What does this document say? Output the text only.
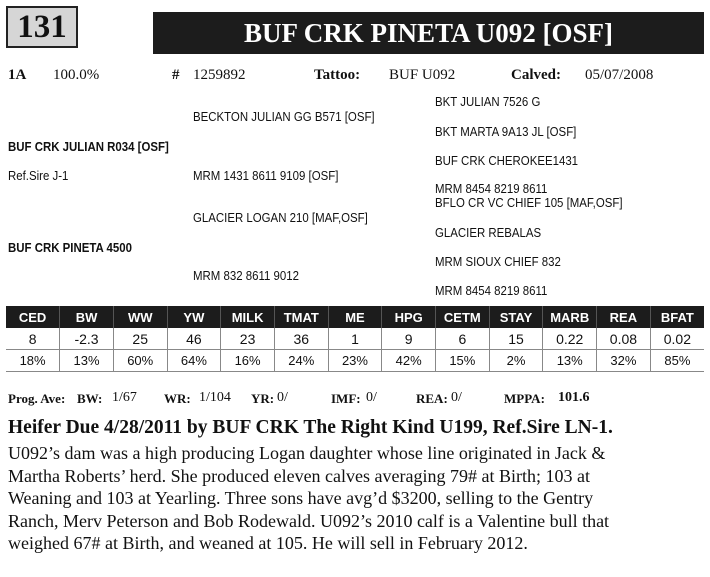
131	BUF CRK PINETA U092 [OSF]
1A 100.0%	# 1259892	Tattoo: BUF U092	Calved: 05/07/2008
BKT JULIAN 7526 G
BECKTON JULIAN GG B571 [OSF]
BKT MARTA 9A13 JL [OSF]
BUF CRK JULIAN R034 [OSF]
BUF CRK CHEROKEE1431
Ref.Sire J-1	MRM 1431 8611 9109 [OSF]
MRM 8454 8219 8611
BFLO CR VC CHIEF 105 [MAF,OSF]
GLACIER LOGAN 210 [MAF,OSF]
GLACIER REBALAS
BUF CRK PINETA 4500
MRM SIOUX CHIEF 832
MRM 832 8611 9012
MRM 8454 8219 8611
CED	BW	WW	YW	MILK	TMAT	ME	HPG	CETM	STAY	MARB	REA	BFAT
8	-2.3	25	46	23	36	1	9	6	15	0.22	0.08	0.02
18%	13%	60%	64%	16%	24%	23%	42%	15%	2%	13%	32%	85%
Prog. Ave: BW: 1/67 WR: 1/104 YR: 0/	IMF: 0/	REA: 0/	MPPA: 101.6
Heifer Due 4/28/2011 by BUF CRK The Right Kind U199, Ref.Sire LN-1.
U092’s dam was a high producing Logan daughter whose line originated in Jack &
Martha Roberts’ herd. She produced eleven calves averaging 79# at Birth; 103 at
Weaning and 103 at Yearling. Three sons have avg’d $3200, selling to the Gentry
Ranch, Merv Peterson and Bob Rodewald. U092’s 2010 calf is a Valentine bull that
weighed 67# at Birth, and weaned at 105. He will sell in February 2012.
